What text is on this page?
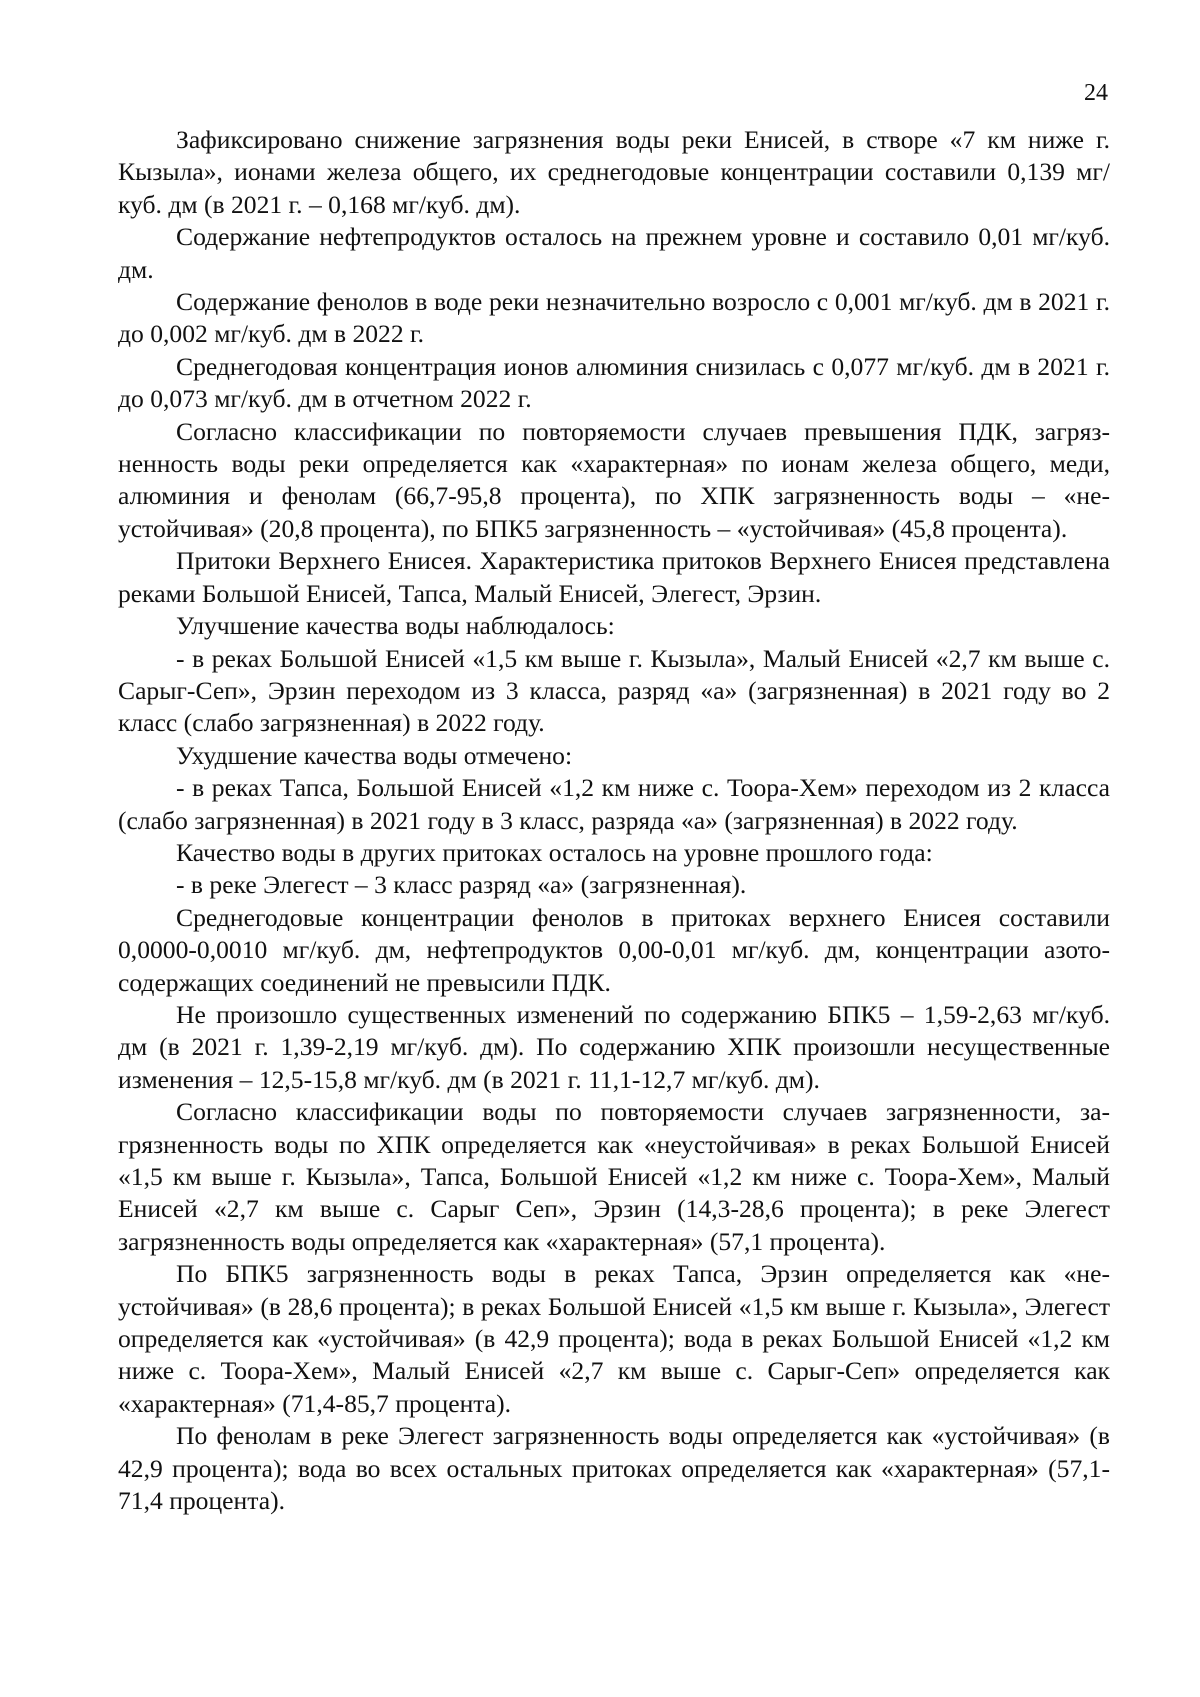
24

Зафиксировано снижение загрязнения воды реки Енисей, в створе «7 км ниже г. Кызыла», ионами железа общего, их среднегодовые концентрации составили 0,139 мг/куб. дм (в 2021 г. – 0,168 мг/куб. дм).

Содержание нефтепродуктов осталось на прежнем уровне и составило 0,01 мг/куб. дм.

Содержание фенолов в воде реки незначительно возросло с 0,001 мг/куб. дм в 2021 г. до 0,002 мг/куб. дм в 2022 г.

Среднегодовая концентрация ионов алюминия снизилась с 0,077 мг/куб. дм в 2021 г. до 0,073 мг/куб. дм в отчетном 2022 г.

Согласно классификации по повторяемости случаев превышения ПДК, загрязненность воды реки определяется как «характерная» по ионам железа общего, меди, алюминия и фенолам (66,7-95,8 процента), по ХПК загрязненность воды – «неустойчивая» (20,8 процента), по БПК5 загрязненность – «устойчивая» (45,8 процента).

Притоки Верхнего Енисея. Характеристика притоков Верхнего Енисея представлена реками Большой Енисей, Тапса, Малый Енисей, Элегест, Эрзин.

Улучшение качества воды наблюдалось:

- в реках Большой Енисей «1,5 км выше г. Кызыла», Малый Енисей «2,7 км выше с. Сарыг-Сеп», Эрзин переходом из 3 класса, разряд «а» (загрязненная) в 2021 году во 2 класс (слабо загрязненная) в 2022 году.

Ухудшение качества воды отмечено:

- в реках Тапса, Большой Енисей «1,2 км ниже с. Тоора-Хем» переходом из 2 класса (слабо загрязненная) в 2021 году в 3 класс, разряда «а» (загрязненная) в 2022 году.

Качество воды в других притоках осталось на уровне прошлого года:

- в реке Элегест – 3 класс разряд «а» (загрязненная).

Среднегодовые концентрации фенолов в притоках верхнего Енисея составили 0,0000-0,0010 мг/куб. дм, нефтепродуктов 0,00-0,01 мг/куб. дм, концентрации азотосодержащих соединений не превысили ПДК.

Не произошло существенных изменений по содержанию БПК5 – 1,59-2,63 мг/куб. дм (в 2021 г. 1,39-2,19 мг/куб. дм). По содержанию ХПК произошли несущественные изменения – 12,5-15,8 мг/куб. дм (в 2021 г. 11,1-12,7 мг/куб. дм).

Согласно классификации воды по повторяемости случаев загрязненности, загрязненность воды по ХПК определяется как «неустойчивая» в реках Большой Енисей «1,5 км выше г. Кызыла», Тапса, Большой Енисей «1,2 км ниже с. Тоора-Хем», Малый Енисей «2,7 км выше с. Сарыг Сеп», Эрзин (14,3-28,6 процента); в реке Элегест загрязненность воды определяется как «характерная» (57,1 процента).

По БПК5 загрязненность воды в реках Тапса, Эрзин определяется как «неустойчивая» (в 28,6 процента); в реках Большой Енисей «1,5 км выше г. Кызыла», Элегест определяется как «устойчивая» (в 42,9 процента); вода в реках Большой Енисей «1,2 км ниже с. Тоора-Хем», Малый Енисей «2,7 км выше с. Сарыг-Сеп» определяется как «характерная» (71,4-85,7 процента).

По фенолам в реке Элегест загрязненность воды определяется как «устойчивая» (в 42,9 процента); вода во всех остальных притоках определяется как «характерная» (57,1-71,4 процента).
